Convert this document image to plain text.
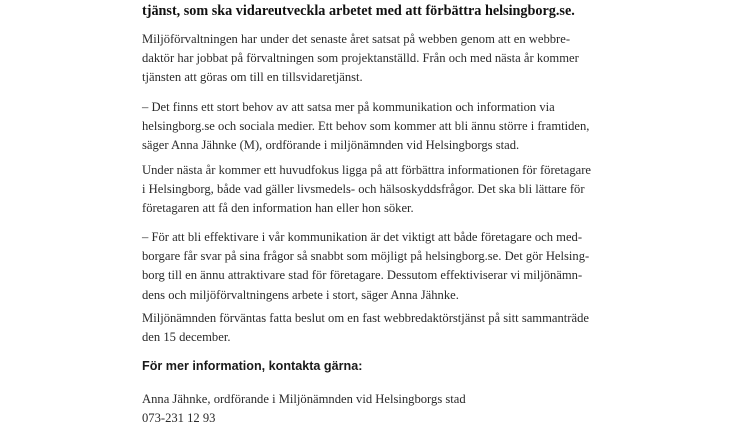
tjänst, som ska vidareutveckla arbetet med att förbättra helsingborg.se.
Miljöförvaltningen har under det senaste året satsat på webben genom att en webbre-
daktör har jobbat på förvaltningen som projektanställd. Från och med nästa år kommer
tjänsten att göras om till en tillsvidaretjänst.
– Det finns ett stort behov av att satsa mer på kommunikation och information via
helsingborg.se och sociala medier. Ett behov som kommer att bli ännu större i framtiden,
säger Anna Jähnke (M), ordförande i miljönämnden vid Helsingborgs stad.
Under nästa år kommer ett huvudfokus ligga på att förbättra informationen för företagare
i Helsingborg, både vad gäller livsmedels- och hälsoskyddsfrågor. Det ska bli lättare för
företagaren att få den information han eller hon söker.
– För att bli effektivare i vår kommunikation är det viktigt att både företagare och med-
borgare får svar på sina frågor så snabbt som möjligt på helsingborg.se. Det gör Helsing-
borg till en ännu attraktivare stad för företagare. Dessutom effektiviserar vi miljönämn-
dens och miljöförvaltningens arbete i stort, säger Anna Jähnke.
Miljönämnden förväntas fatta beslut om en fast webbredaktörstjänst på sitt sammanträde
den 15 december.
För mer information, kontakta gärna:
Anna Jähnke, ordförande i Miljönämnden vid Helsingborgs stad
073-231 12 93
